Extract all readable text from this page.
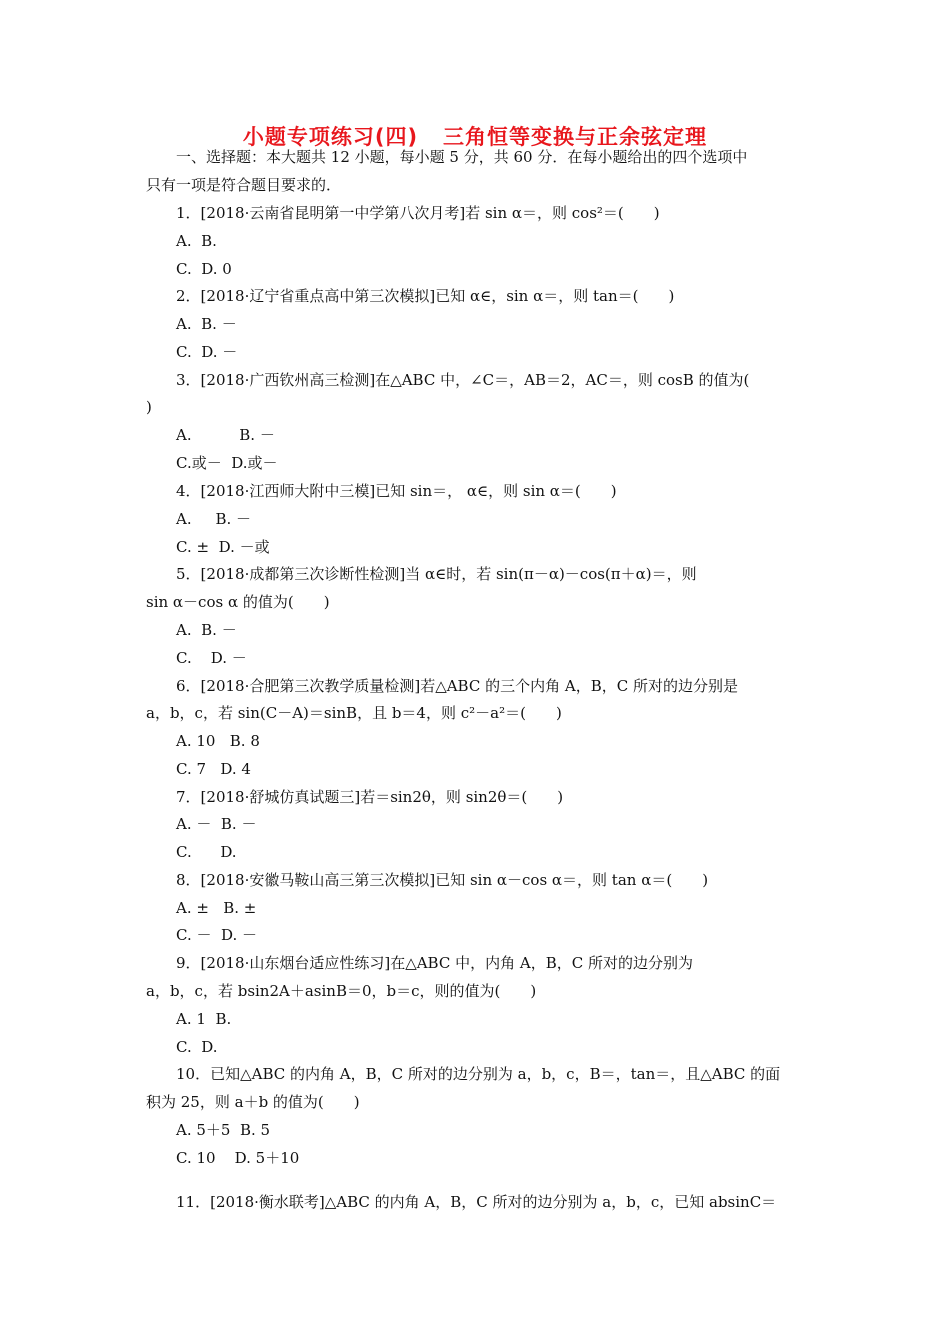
小题专项练习(四)   三角恒等变换与正余弦定理
一、选择题：本大题共 12 小题，每小题 5 分，共 60 分．在每小题给出的四个选项中
只有一项是符合题目要求的．
1．[2018·云南省昆明第一中学第八次月考]若 sin α＝，则 cos²＝(　　)
A.  B.
C.  D. 0
2．[2018·辽宁省重点高中第三次模拟]已知 α∈，sin α＝，则 tan＝(　　)
A.  B. －
C.  D. －
3．[2018·广西钦州高三检测]在△ABC 中，∠C＝，AB＝2，AC＝，则 cosB 的值为(
)
A.          B. －
C.或－  D.或－
4．[2018·江西师大附中三模]已知 sin＝， α∈，则 sin α＝(　　)
A.     B. －
C. ±  D. －或
5．[2018·成都第三次诊断性检测]当 α∈时，若 sin(π－α)－cos(π＋α)＝，则
sin α－cos α 的值为(　　)
A.  B. －
C.    D. －
6．[2018·合肥第三次教学质量检测]若△ABC 的三个内角 A，B，C 所对的边分别是
a，b，c，若 sin(C－A)＝sinB，且 b＝4，则 c²－a²＝(　　)
A. 10   B. 8
C. 7   D. 4
7．[2018·舒城仿真试题三]若＝sin2θ，则 sin2θ＝(　　)
A. －  B. －
C.      D.
8．[2018·安徽马鞍山高三第三次模拟]已知 sin α－cos α＝，则 tan α＝(　　)
A. ±   B. ±
C. －  D. －
9．[2018·山东烟台适应性练习]在△ABC 中，内角 A，B，C 所对的边分别为
a，b，c，若 bsin2A＋asinB＝0，b＝c，则的值为(　　)
A. 1  B.
C.  D.
10．已知△ABC 的内角 A，B，C 所对的边分别为 a，b，c，B＝，tan＝，且△ABC 的面
积为 25，则 a＋b 的值为(　　)
A. 5＋5  B. 5
C. 10    D. 5＋10
11．[2018·衡水联考]△ABC 的内角 A，B，C 所对的边分别为 a，b，c，已知 absinC＝
